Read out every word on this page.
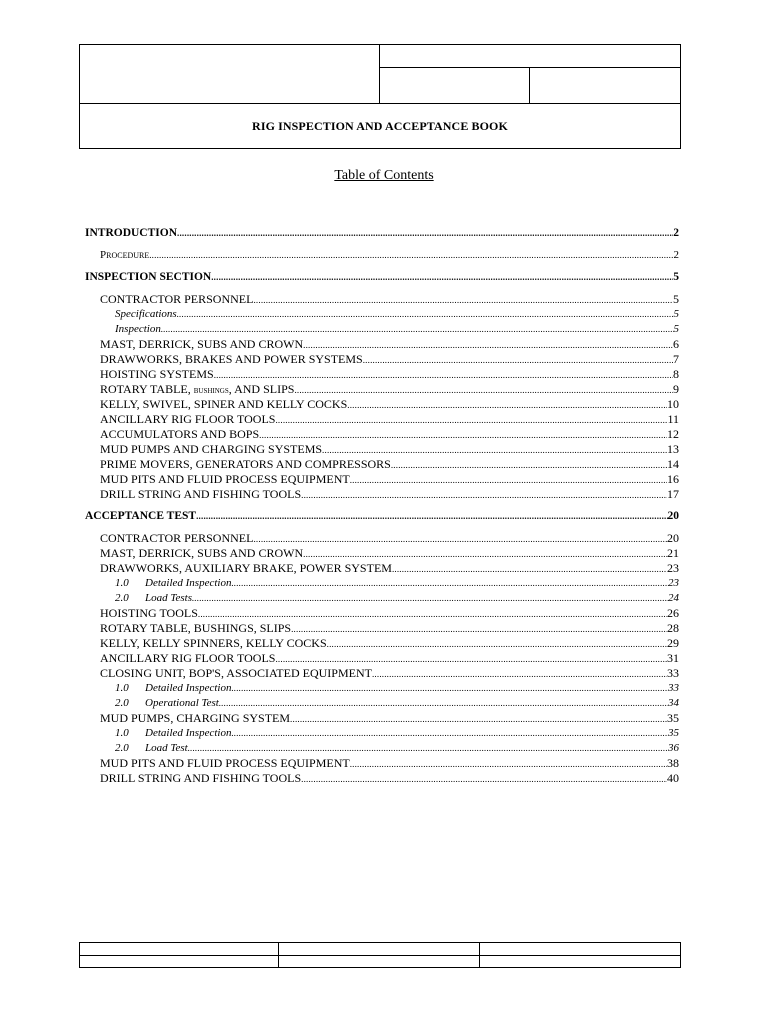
RIG INSPECTION AND ACCEPTANCE BOOK
Table of Contents
INTRODUCTION .....	2
Procedure .....	2
INSPECTION SECTION .....	5
CONTRACTOR PERSONNEL .....	5
Specifications .....	5
Inspection .....	5
MAST, DERRICK, SUBS AND CROWN .....	6
DRAWWORKS, BRAKES AND POWER SYSTEMS .....	7
HOISTING SYSTEMS .....	8
ROTARY TABLE, bushings, AND SLIPS .....	9
KELLY, SWIVEL, SPINER AND KELLY COCKS .....	10
ANCILLARY RIG FLOOR TOOLS .....	11
ACCUMULATORS AND BOPS .....	12
MUD PUMPS AND CHARGING SYSTEMS .....	13
PRIME MOVERS, GENERATORS AND COMPRESSORS .....	14
MUD PITS AND FLUID PROCESS EQUIPMENT .....	16
DRILL STRING AND FISHING TOOLS .....	17
ACCEPTANCE TEST .....	20
CONTRACTOR PERSONNEL .....	20
MAST, DERRICK, SUBS AND CROWN .....	21
DRAWWORKS, AUXILIARY BRAKE, POWER SYSTEM .....	23
1.0 Detailed Inspection .....	23
2.0 Load Tests .....	24
HOISTING TOOLS .....	26
ROTARY TABLE, BUSHINGS, SLIPS .....	28
KELLY, KELLY SPINNERS, KELLY COCKS .....	29
ANCILLARY RIG FLOOR TOOLS .....	31
CLOSING UNIT, BOP'S, ASSOCIATED EQUIPMENT .....	33
1.0 Detailed Inspection .....	33
2.0 Operational Test .....	34
MUD PUMPS, CHARGING SYSTEM .....	35
1.0 Detailed Inspection .....	35
2.0 Load Test .....	36
MUD PITS AND FLUID PROCESS EQUIPMENT .....	38
DRILL STRING AND FISHING TOOLS .....	40
